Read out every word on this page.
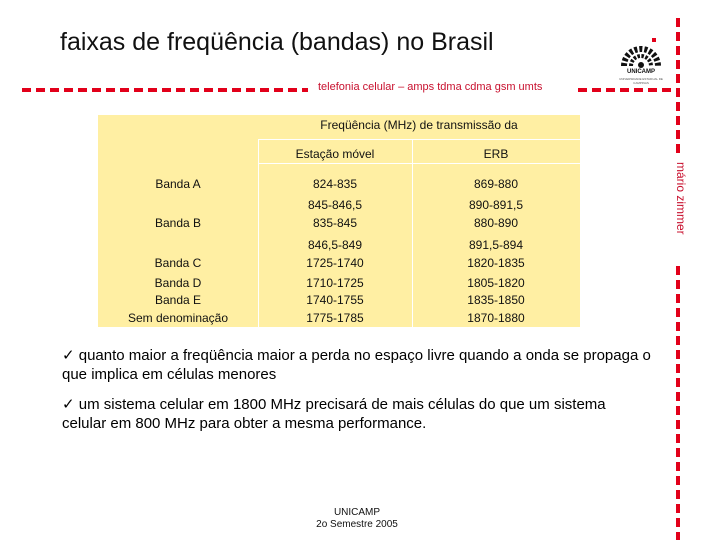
faixas de freqüência (bandas) no Brasil
UNICAMP
UNIVERSIDADE ESTADUAL DE CAMPINAS
telefonia celular – amps tdma cdma gsm umts
mário zimmer
Freqüência (MHz) de transmissão da
Estação móvel	ERB
Banda A
Banda B
Banda C
Banda D
Banda E
Sem denominação
824-835
845-846,5
835-845
846,5-849
1725-1740
1710-1725
1740-1755
1775-1785
869-880
890-891,5
880-890
891,5-894
1820-1835
1805-1820
1835-1850
1870-1880
✓ quanto maior a freqüência maior a perda no espaço livre quando a onda se propaga o que implica em células menores
✓ um sistema celular em 1800 MHz precisará de mais células do que um sistema celular em 800 MHz para obter a mesma performance.
UNICAMP
2o Semestre 2005
